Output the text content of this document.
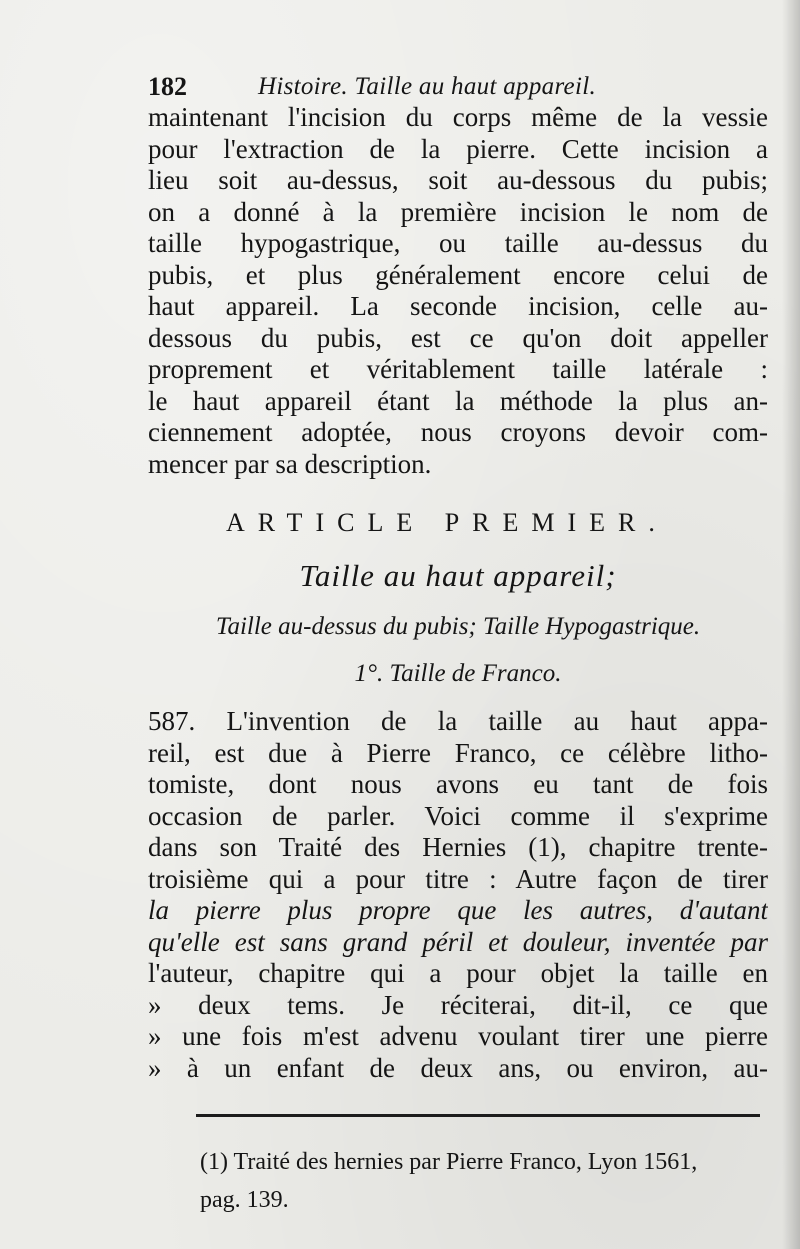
182	Histoire. Taille au haut appareil.
maintenant l'incision du corps même de la vessie
pour l'extraction de la pierre. Cette incision a
lieu soit au-dessus, soit au-dessous du pubis;
on a donné à la première incision le nom de
taille hypogastrique, ou taille au-dessus du
pubis, et plus généralement encore celui de
haut appareil. La seconde incision, celle au-
dessous du pubis, est ce qu'on doit appeller
proprement et véritablement taille latérale :
le haut appareil étant la méthode la plus an-
ciennement adoptée, nous croyons devoir com-
mencer par sa description.
ARTICLE PREMIER.
Taille au haut appareil;
Taille au-dessus du pubis; Taille Hypogastrique.
1°. Taille de Franco.
587. L'invention de la taille au haut appa-
reil, est due à Pierre Franco, ce célèbre litho-
tomiste, dont nous avons eu tant de fois
occasion de parler. Voici comme il s'exprime
dans son Traité des Hernies (1), chapitre trente-
troisième qui a pour titre : Autre façon de tirer
la pierre plus propre que les autres, d'autant
qu'elle est sans grand péril et douleur, inventée par
l'auteur, chapitre qui a pour objet la taille en
» deux tems. Je réciterai, dit-il, ce que
» une fois m'est advenu voulant tirer une pierre
» à un enfant de deux ans, ou environ, au-
(1) Traité des hernies par Pierre Franco, Lyon 1561,
pag. 139.
